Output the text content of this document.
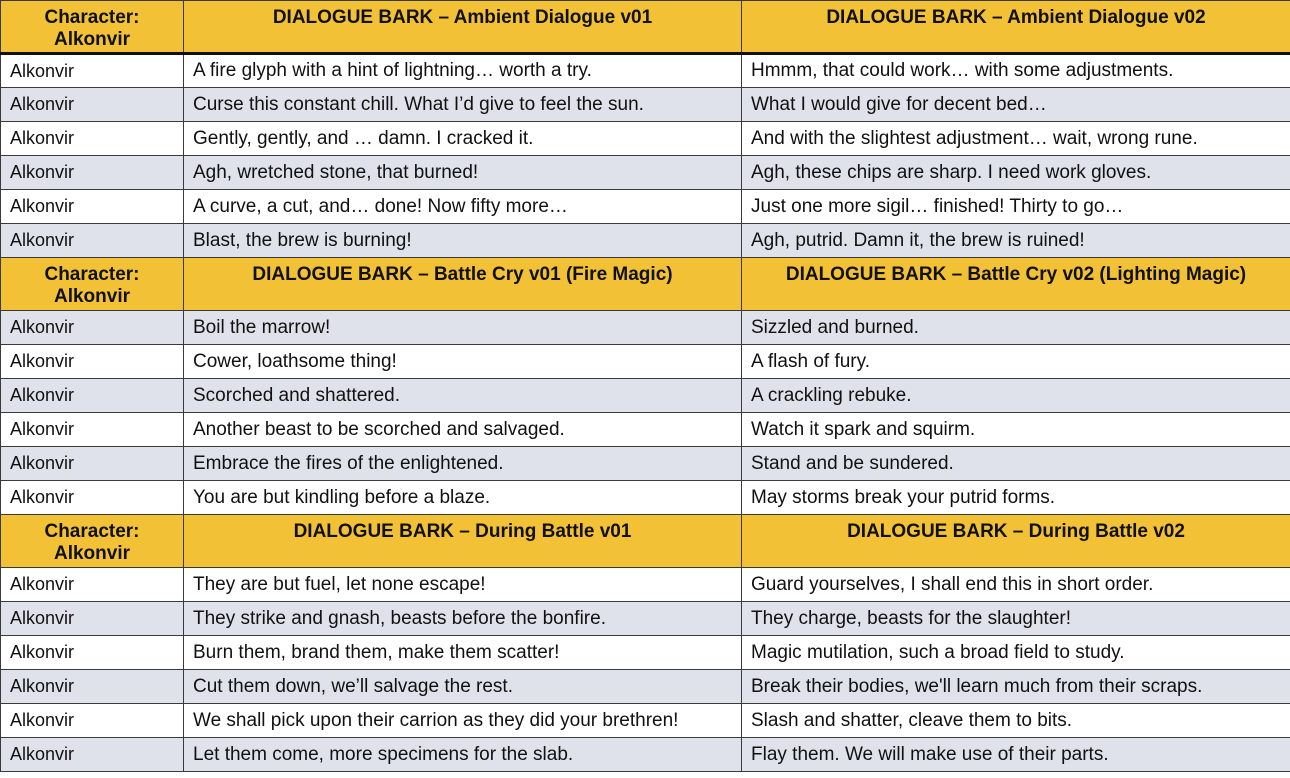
Character: Alkonvir	DIALOGUE BARK – Ambient Dialogue v01	DIALOGUE BARK – Ambient Dialogue v02
Alkonvir	A fire glyph with a hint of lightning… worth a try.	Hmmm, that could work… with some adjustments.
Alkonvir	Curse this constant chill. What I’d give to feel the sun.	What I would give for decent bed…
Alkonvir	Gently, gently, and … damn. I cracked it.	And with the slightest adjustment… wait, wrong rune.
Alkonvir	Agh, wretched stone, that burned!	Agh, these chips are sharp. I need work gloves.
Alkonvir	A curve, a cut, and… done! Now fifty more…	Just one more sigil… finished! Thirty to go…
Alkonvir	Blast, the brew is burning!	Agh, putrid. Damn it, the brew is ruined!
Character: Alkonvir	DIALOGUE BARK – Battle Cry v01 (Fire Magic)	DIALOGUE BARK – Battle Cry v02 (Lighting Magic)
Alkonvir	Boil the marrow!	Sizzled and burned.
Alkonvir	Cower, loathsome thing!	A flash of fury.
Alkonvir	Scorched and shattered.	A crackling rebuke.
Alkonvir	Another beast to be scorched and salvaged.	Watch it spark and squirm.
Alkonvir	Embrace the fires of the enlightened.	Stand and be sundered.
Alkonvir	You are but kindling before a blaze.	May storms break your putrid forms.
Character: Alkonvir	DIALOGUE BARK – During Battle v01	DIALOGUE BARK – During Battle v02
Alkonvir	They are but fuel, let none escape!	Guard yourselves, I shall end this in short order.
Alkonvir	They strike and gnash, beasts before the bonfire.	They charge, beasts for the slaughter!
Alkonvir	Burn them, brand them, make them scatter!	Magic mutilation, such a broad field to study.
Alkonvir	Cut them down, we’ll salvage the rest.	Break their bodies, we'll learn much from their scraps.
Alkonvir	We shall pick upon their carrion as they did your brethren!	Slash and shatter, cleave them to bits.
Alkonvir	Let them come, more specimens for the slab.	Flay them. We will make use of their parts.
